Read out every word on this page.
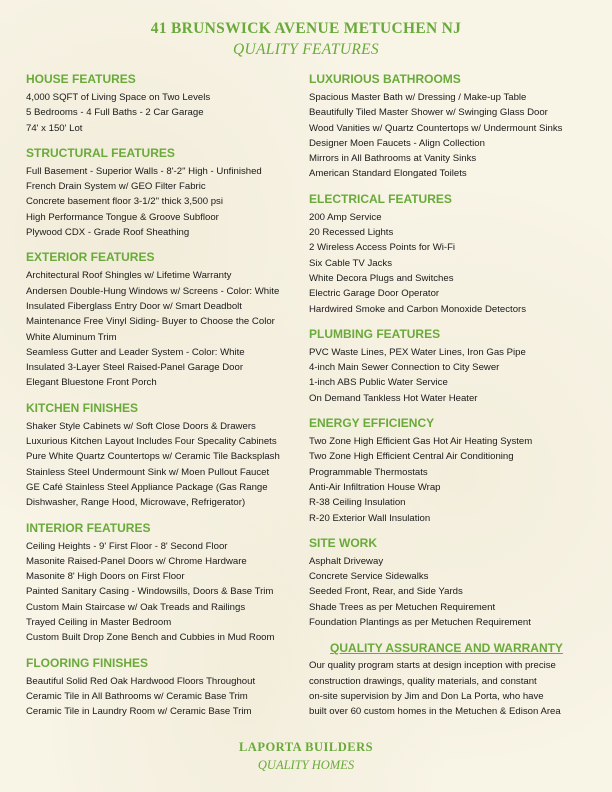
41 BRUNSWICK AVENUE METUCHEN NJ
QUALITY FEATURES
HOUSE FEATURES
4,000 SQFT of Living Space on Two Levels
5 Bedrooms - 4 Full Baths - 2 Car Garage
74' x 150' Lot
STRUCTURAL FEATURES
Full Basement - Superior Walls - 8'-2" High - Unfinished
French Drain System w/ GEO Filter Fabric
Concrete basement floor 3-1/2" thick 3,500 psi
High Performance Tongue & Groove Subfloor
Plywood CDX - Grade Roof Sheathing
EXTERIOR FEATURES
Architectural Roof Shingles w/ Lifetime Warranty
Andersen Double-Hung Windows w/ Screens - Color: White
Insulated Fiberglass Entry Door w/ Smart Deadbolt
Maintenance Free Vinyl Siding- Buyer to Choose the Color
White Aluminum Trim
Seamless Gutter and Leader System - Color: White
Insulated 3-Layer Steel Raised-Panel Garage Door
Elegant Bluestone Front Porch
KITCHEN FINISHES
Shaker Style Cabinets w/ Soft Close Doors & Drawers
Luxurious Kitchen Layout Includes Four Specality Cabinets
Pure White Quartz Countertops w/ Ceramic Tile Backsplash
Stainless Steel Undermount Sink w/ Moen Pullout Faucet
GE Café Stainless Steel Appliance Package (Gas Range
Dishwasher, Range Hood, Microwave, Refrigerator)
INTERIOR FEATURES
Ceiling Heights - 9' First Floor - 8' Second Floor
Masonite Raised-Panel Doors w/ Chrome Hardware
Masonite 8' High Doors on First Floor
Painted Sanitary Casing - Windowsills, Doors & Base Trim
Custom Main Staircase w/ Oak Treads and Railings
Trayed Ceiling in Master Bedroom
Custom Built Drop Zone Bench and Cubbies in Mud Room
FLOORING FINISHES
Beautiful Solid Red Oak Hardwood Floors Throughout
Ceramic Tile in All Bathrooms w/ Ceramic Base Trim
Ceramic Tile in Laundry Room w/ Ceramic Base Trim
LUXURIOUS BATHROOMS
Spacious Master Bath w/ Dressing / Make-up Table
Beautifully Tiled Master Shower w/ Swinging Glass Door
Wood Vanities w/ Quartz Countertops w/ Undermount Sinks
Designer Moen Faucets - Align Collection
Mirrors in All Bathrooms at Vanity Sinks
American Standard Elongated Toilets
ELECTRICAL FEATURES
200 Amp Service
20 Recessed Lights
2 Wireless Access Points for Wi-Fi
Six Cable TV Jacks
White Decora Plugs and Switches
Electric Garage Door Operator
Hardwired Smoke and Carbon Monoxide Detectors
PLUMBING FEATURES
PVC Waste Lines, PEX Water Lines, Iron Gas Pipe
4-inch Main Sewer Connection to City Sewer
1-inch ABS Public Water Service
On Demand Tankless Hot Water Heater
ENERGY EFFICIENCY
Two Zone High Efficient Gas Hot Air Heating System
Two Zone High Efficient Central Air Conditioning
Programmable Thermostats
Anti-Air Infiltration House Wrap
R-38 Ceiling Insulation
R-20 Exterior Wall Insulation
SITE WORK
Asphalt Driveway
Concrete Service Sidewalks
Seeded Front, Rear, and Side Yards
Shade Trees as per Metuchen Requirement
Foundation Plantings as per Metuchen Requirement
QUALITY ASSURANCE AND WARRANTY
Our quality program starts at design inception with precise
construction drawings, quality materials, and constant
on-site supervision by Jim and Don La Porta, who have
built over 60 custom homes in the Metuchen & Edison Area
LAPORTA BUILDERS
QUALITY HOMES
